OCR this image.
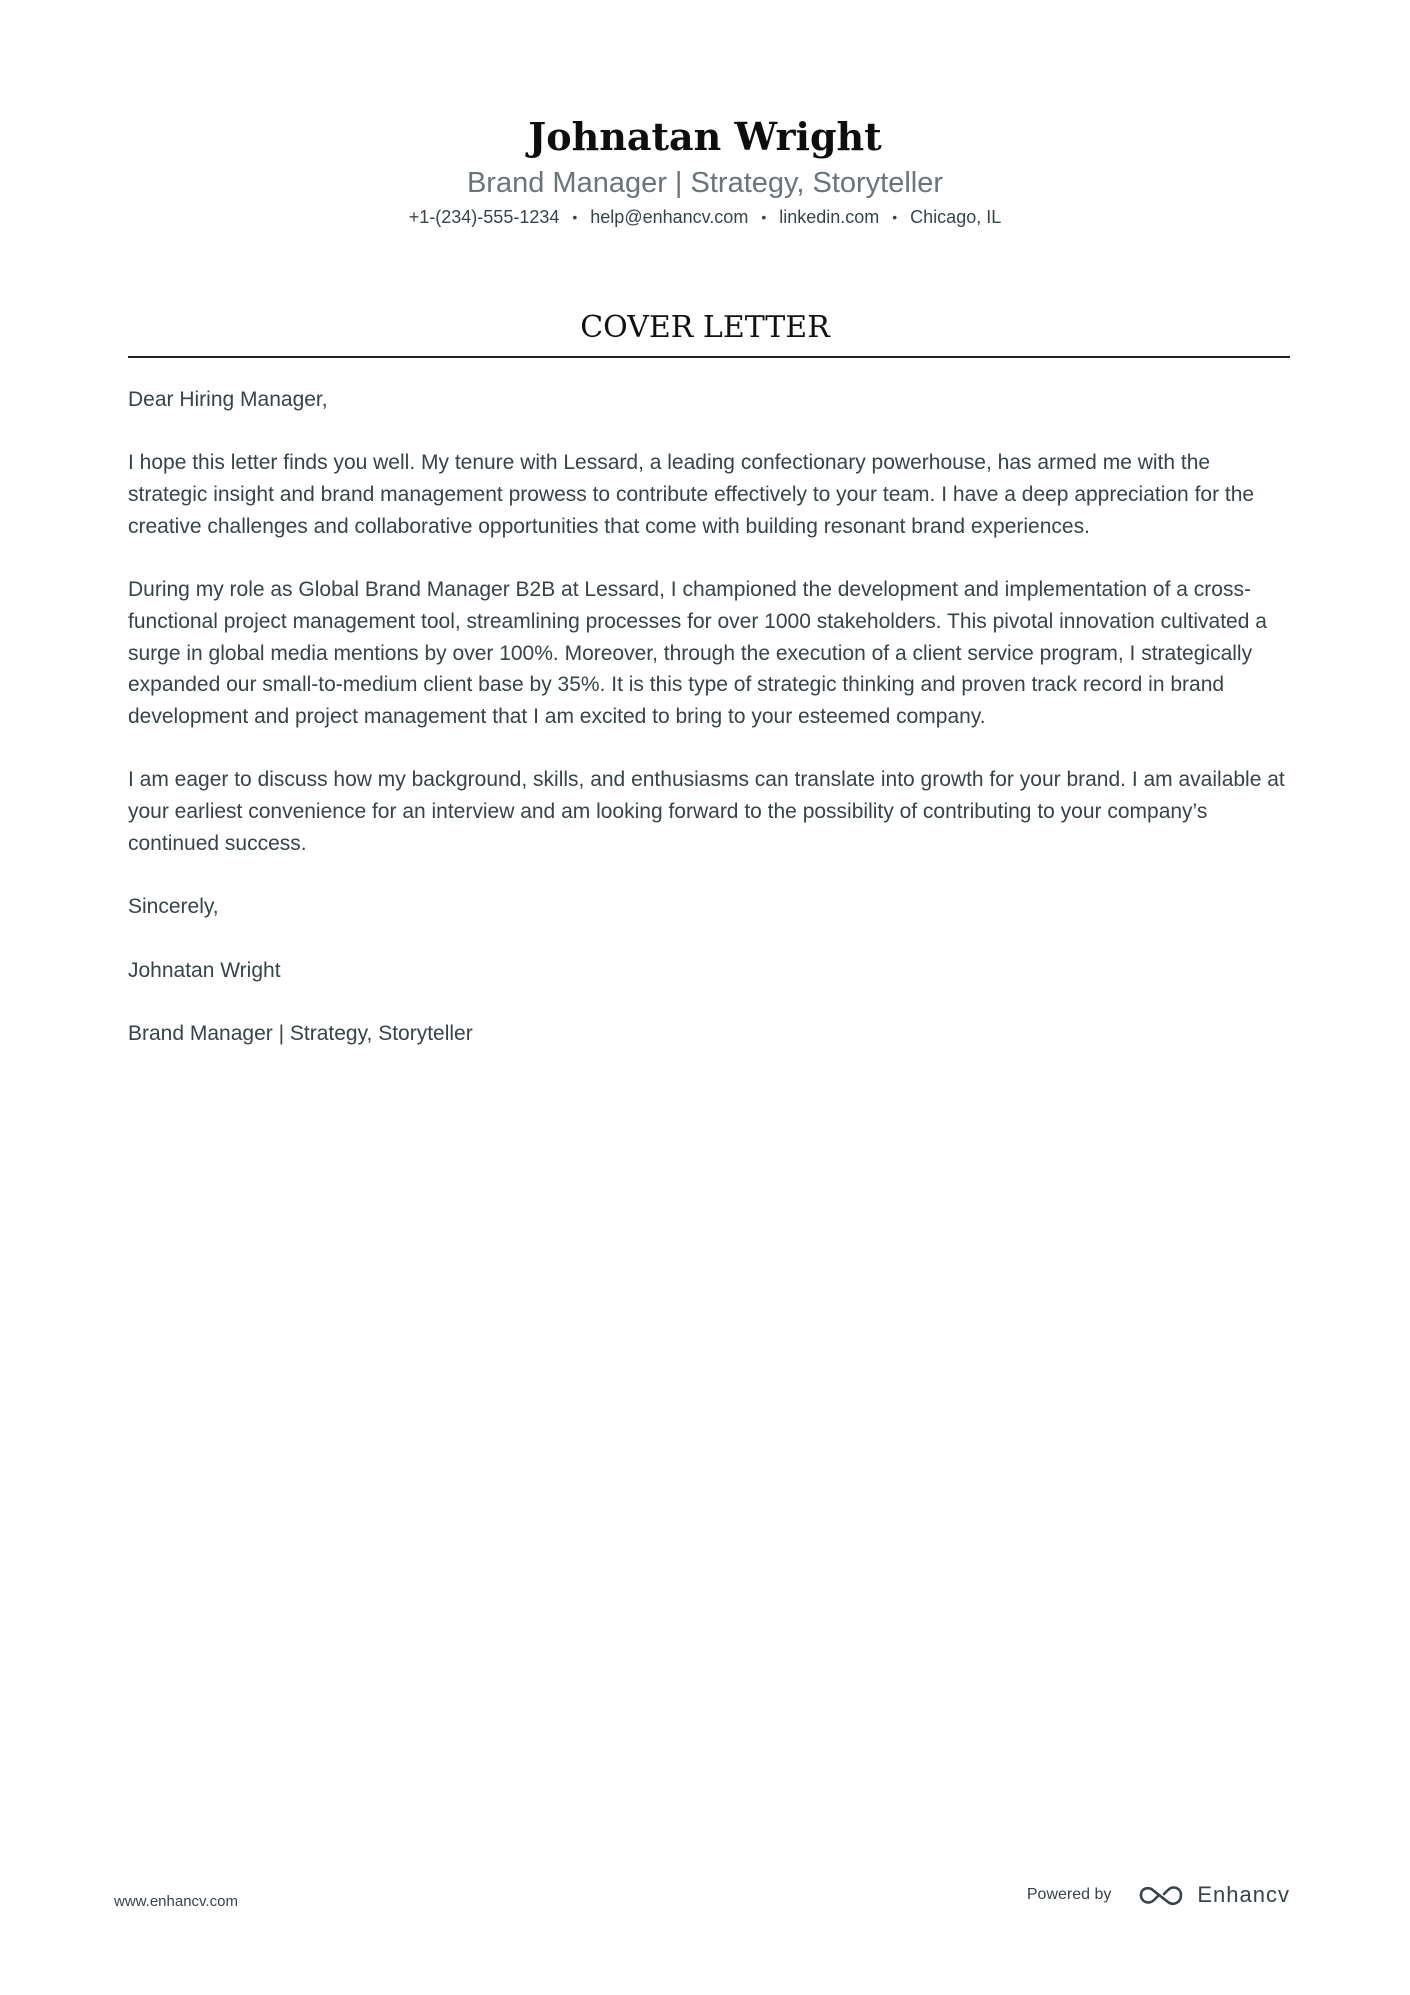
Johnatan Wright
Brand Manager | Strategy, Storyteller
+1-(234)-555-1234 • help@enhancv.com • linkedin.com • Chicago, IL
COVER LETTER

Dear Hiring Manager,

I hope this letter finds you well. My tenure with Lessard, a leading confectionary powerhouse, has armed me with the strategic insight and brand management prowess to contribute effectively to your team. I have a deep appreciation for the creative challenges and collaborative opportunities that come with building resonant brand experiences.

During my role as Global Brand Manager B2B at Lessard, I championed the development and implementation of a cross-functional project management tool, streamlining processes for over 1000 stakeholders. This pivotal innovation cultivated a surge in global media mentions by over 100%. Moreover, through the execution of a client service program, I strategically expanded our small-to-medium client base by 35%. It is this type of strategic thinking and proven track record in brand development and project management that I am excited to bring to your esteemed company.

I am eager to discuss how my background, skills, and enthusiasms can translate into growth for your brand. I am available at your earliest convenience for an interview and am looking forward to the possibility of contributing to your company’s continued success.

Sincerely,

Johnatan Wright

Brand Manager | Strategy, Storyteller

www.enhancv.com	Powered by	Enhancv
